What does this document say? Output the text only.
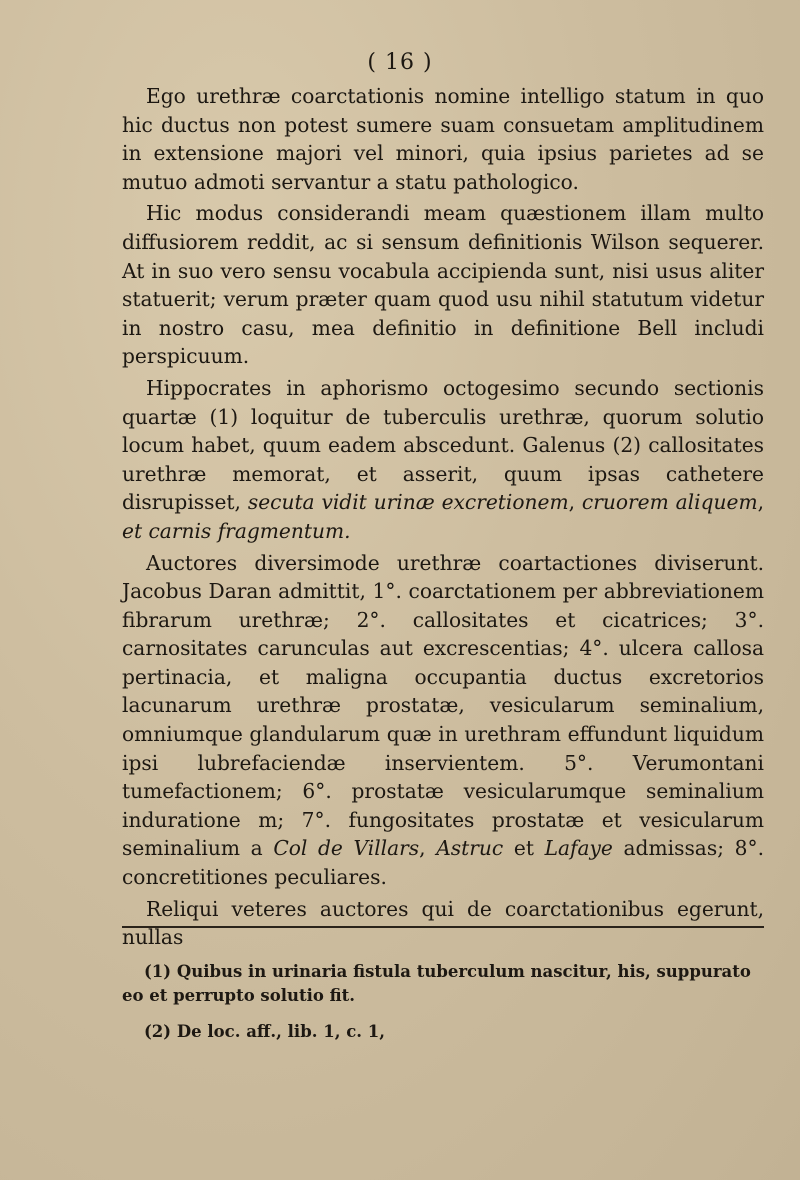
( 16 )

Ego urethræ coarctationis nomine intelligo statum in quo hic ductus non potest sumere suam consuetam amplitudinem in extensione majori vel minori, quia ipsius parietes ad se mutuo admoti servantur a statu pathologico.

Hic modus considerandi meam quæstionem illam multo diffusiorem reddit, ac si sensum definitionis Wilson sequerer. At in suo vero sensu vocabula accipienda sunt, nisi usus aliter statuerit; verum præter quam quod usu nihil statutum videtur in nostro casu, mea definitio in definitione Bell includi perspicuum.

Hippocrates in aphorismo octogesimo secundo sectionis quartæ (1) loquitur de tuberculis urethræ, quorum solutio locum habet, quum eadem abscedunt. Galenus (2) callositates urethræ memorat, et asserit, quum ipsas cathetere disrupisset, secuta vidit urinæ excretionem, cruorem aliquem, et carnis fragmentum.

Auctores diversimode urethræ coartactiones diviserunt. Jacobus Daran admittit, 1°. coarctationem per abbreviationem fibrarum urethræ; 2°. callositates et cicatrices; 3°. carnositates carunculas aut excrescentias; 4°. ulcera callosa pertinacia, et maligna occupantia ductus excretorios lacunarum urethræ prostatæ, vesicularum seminalium, omniumque glandularum quæ in urethram effundunt liquidum ipsi lubrefaciendæ inservientem. 5°. Verumontani tumefactionem; 6°. prostatæ vesicularumque seminalium induratione m; 7°. fungositates prostatæ et vesicularum seminalium a Col de Villars, Astruc et Lafaye admissas; 8°. concretitiones peculiares.

Reliqui veteres auctores qui de coarctationibus egerunt, nullas

(1) Quibus in urinaria fistula tuberculum nascitur, his, suppurato eo et perrupto solutio fit.

(2) De loc. aff., lib. 1, c. 1,
